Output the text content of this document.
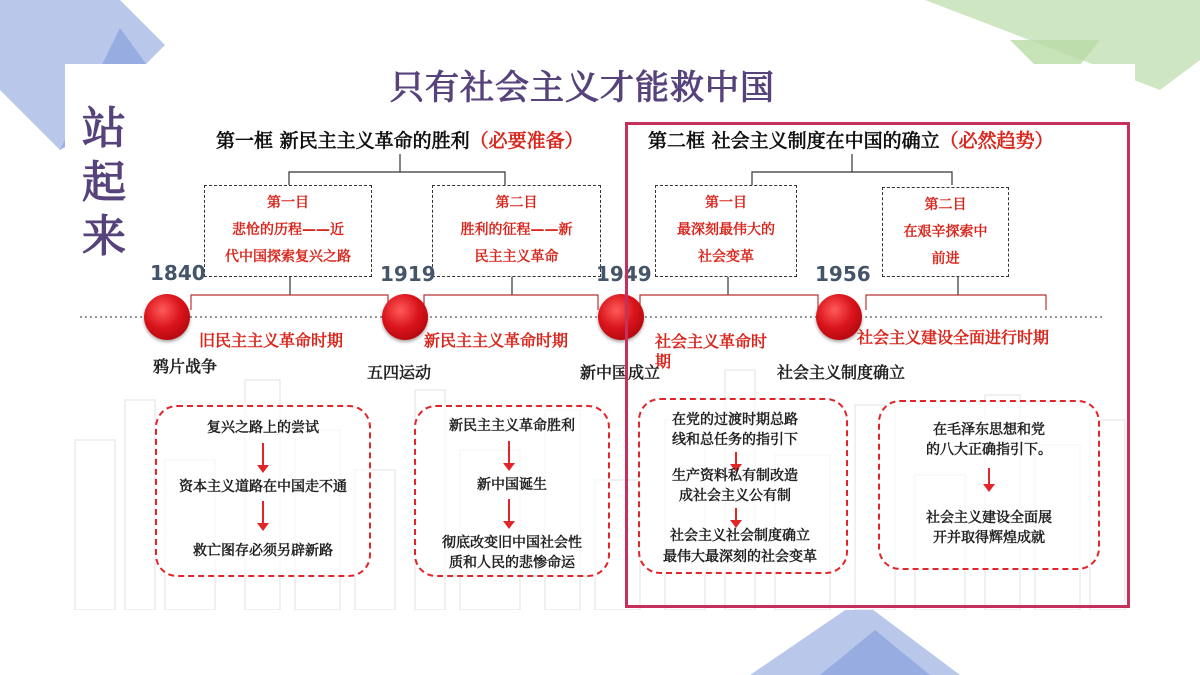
只有社会主义才能救中国
站
起
来
第一框 新民主主义革命的胜利（必要准备）	第二框 社会主义制度在中国的确立（必然趋势）
第一目
悲怆的历程——近
代中国探索复兴之路
第二目
胜利的征程——新
民主主义革命
第一目
最深刻最伟大的
社会变革
第二目
在艰辛探索中
前进
1840	1919	1949	1956
旧民主主义革命时期	新民主主义革命时期	社会主义革命时
期
社会主义建设全面进行时期
鸦片战争	五四运动	新中国成立	社会主义制度确立
复兴之路上的尝试
资本主义道路在中国走不通
救亡图存必须另辟新路
新民主主义革命胜利
新中国诞生
彻底改变旧中国社会性
质和人民的悲惨命运
在党的过渡时期总路
线和总任务的指引下
生产资料私有制改造
成社会主义公有制
社会主义社会制度确立
最伟大最深刻的社会变革
在毛泽东思想和党
的八大正确指引下。
社会主义建设全面展
开并取得辉煌成就
